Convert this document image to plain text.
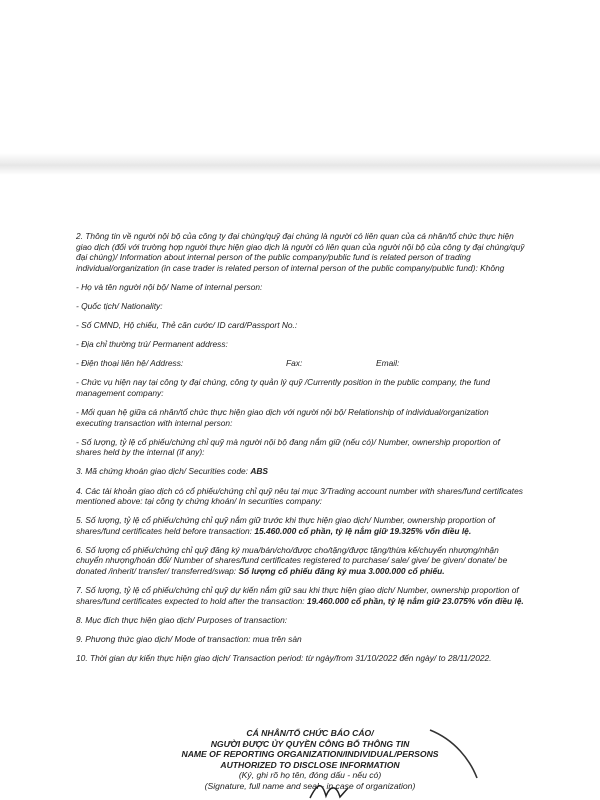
2. Thông tin về người nội bộ của công ty đại chúng/quỹ đại chúng là người có liên quan của cá nhân/tổ chức thực hiện giao dịch (đối với trường hợp người thực hiện giao dịch là người có liên quan của người nội bộ của công ty đại chúng/quỹ đại chúng)/ Information about internal person of the public company/public fund is related person of trading individual/organization (in case trader is related person of internal person of the public company/public fund): Không

- Họ và tên người nội bộ/ Name of internal person:

- Quốc tịch/ Nationality:

- Số CMND, Hộ chiếu, Thẻ căn cước/ ID card/Passport No.:

- Địa chỉ thường trú/ Permanent address:

- Điện thoại liên hệ/ Address:	Fax:	Email:

- Chức vụ hiện nay tại công ty đại chúng, công ty quản lý quỹ /Currently position in the public company, the fund management company:

- Mối quan hệ giữa cá nhân/tổ chức thực hiện giao dịch với người nội bộ/ Relationship of individual/organization executing transaction with internal person:

- Số lượng, tỷ lệ cổ phiếu/chứng chỉ quỹ mà người nội bộ đang nắm giữ (nếu có)/ Number, ownership proportion of shares held by the internal (if any):

3. Mã chứng khoán giao dịch/ Securities code: ABS

4. Các tài khoản giao dịch có cổ phiếu/chứng chỉ quỹ nêu tại mục 3/Trading account number with shares/fund certificates mentioned above: tại công ty chứng khoán/ In securities company:

5. Số lượng, tỷ lệ cổ phiếu/chứng chỉ quỹ nắm giữ trước khi thực hiện giao dịch/ Number, ownership proportion of shares/fund certificates held before transaction: 15.460.000 cổ phần, tỷ lệ nắm giữ 19.325% vốn điều lệ.

6. Số lượng cổ phiếu/chứng chỉ quỹ đăng ký mua/bán/cho/được cho/tặng/được tặng/thừa kế/chuyển nhượng/nhận chuyển nhượng/hoán đổi/ Number of shares/fund certificates registered to purchase/ sale/ give/ be given/ donate/ be donated /inherit/ transfer/ transferred/swap: Số lượng cổ phiếu đăng ký mua 3.000.000 cổ phiếu.

7. Số lượng, tỷ lệ cổ phiếu/chứng chỉ quỹ dự kiến nắm giữ sau khi thực hiện giao dịch/ Number, ownership proportion of shares/fund certificates expected to hold after the transaction: 19.460.000 cổ phần, tỷ lệ nắm giữ 23.075% vốn điều lệ.

8. Mục đích thực hiện giao dịch/ Purposes of transaction:

9. Phương thức giao dịch/ Mode of transaction: mua trên sàn

10. Thời gian dự kiến thực hiện giao dịch/ Transaction period: từ ngày/from 31/10/2022 đến ngày/ to 28/11/2022.

CÁ NHÂN/TỔ CHỨC BÁO CÁO/
NGƯỜI ĐƯỢC ỦY QUYỀN CÔNG BỐ THÔNG TIN
NAME OF REPORTING ORGANIZATION/INDIVIDUAL/PERSONS
AUTHORIZED TO DISCLOSE INFORMATION
(Ký, ghi rõ họ tên, đóng dấu - nếu có)
(Signature, full name and seal - in case of organization)
